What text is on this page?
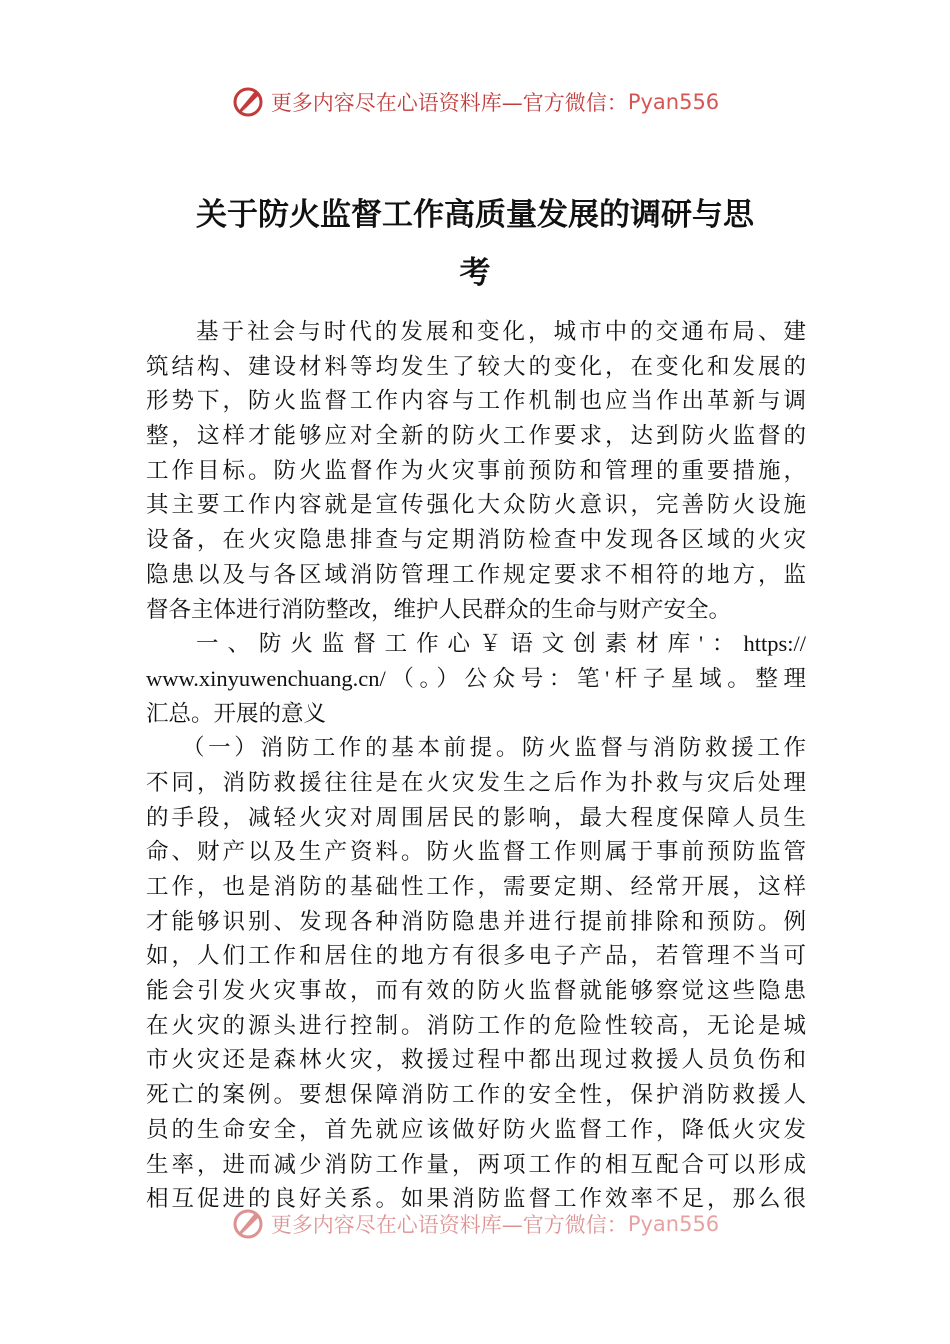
更多内容尽在心语资料库—官方微信： Pyan556
关于防火监督工作高质量发展的调研与思
考
基于社会与时代的发展和变化，城市中的交通布局、建
筑结构、建设材料等均发生了较大的变化，在变化和发展的
形势下，防火监督工作内容与工作机制也应当作出革新与调
整，这样才能够应对全新的防火工作要求，达到防火监督的
工作目标。防火监督作为火灾事前预防和管理的重要措施，
其主要工作内容就是宣传强化大众防火意识，完善防火设施
设备，在火灾隐患排查与定期消防检查中发现各区域的火灾
隐患以及与各区域消防管理工作规定要求不相符的地方，监
督各主体进行消防整改，维护人民群众的生命与财产安全。
一、防火监督工作心￥语文创素材库'：https://
www.xinyuwenchuang.cn/（。）公众号：笔'杆子星域。整理
汇总。开展的意义
（一）消防工作的基本前提。防火监督与消防救援工作
不同，消防救援往往是在火灾发生之后作为扑救与灾后处理
的手段，减轻火灾对周围居民的影响，最大程度保障人员生
命、财产以及生产资料。防火监督工作则属于事前预防监管
工作，也是消防的基础性工作，需要定期、经常开展，这样
才能够识别、发现各种消防隐患并进行提前排除和预防。例
如，人们工作和居住的地方有很多电子产品，若管理不当可
能会引发火灾事故，而有效的防火监督就能够察觉这些隐患
在火灾的源头进行控制。消防工作的危险性较高，无论是城
市火灾还是森林火灾，救援过程中都出现过救援人员负伤和
死亡的案例。要想保障消防工作的安全性，保护消防救援人
员的生命安全，首先就应该做好防火监督工作，降低火灾发
生率，进而减少消防工作量，两项工作的相互配合可以形成
相互促进的良好关系。如果消防监督工作效率不足，那么很
更多内容尽在心语资料库—官方微信： Pyan556
